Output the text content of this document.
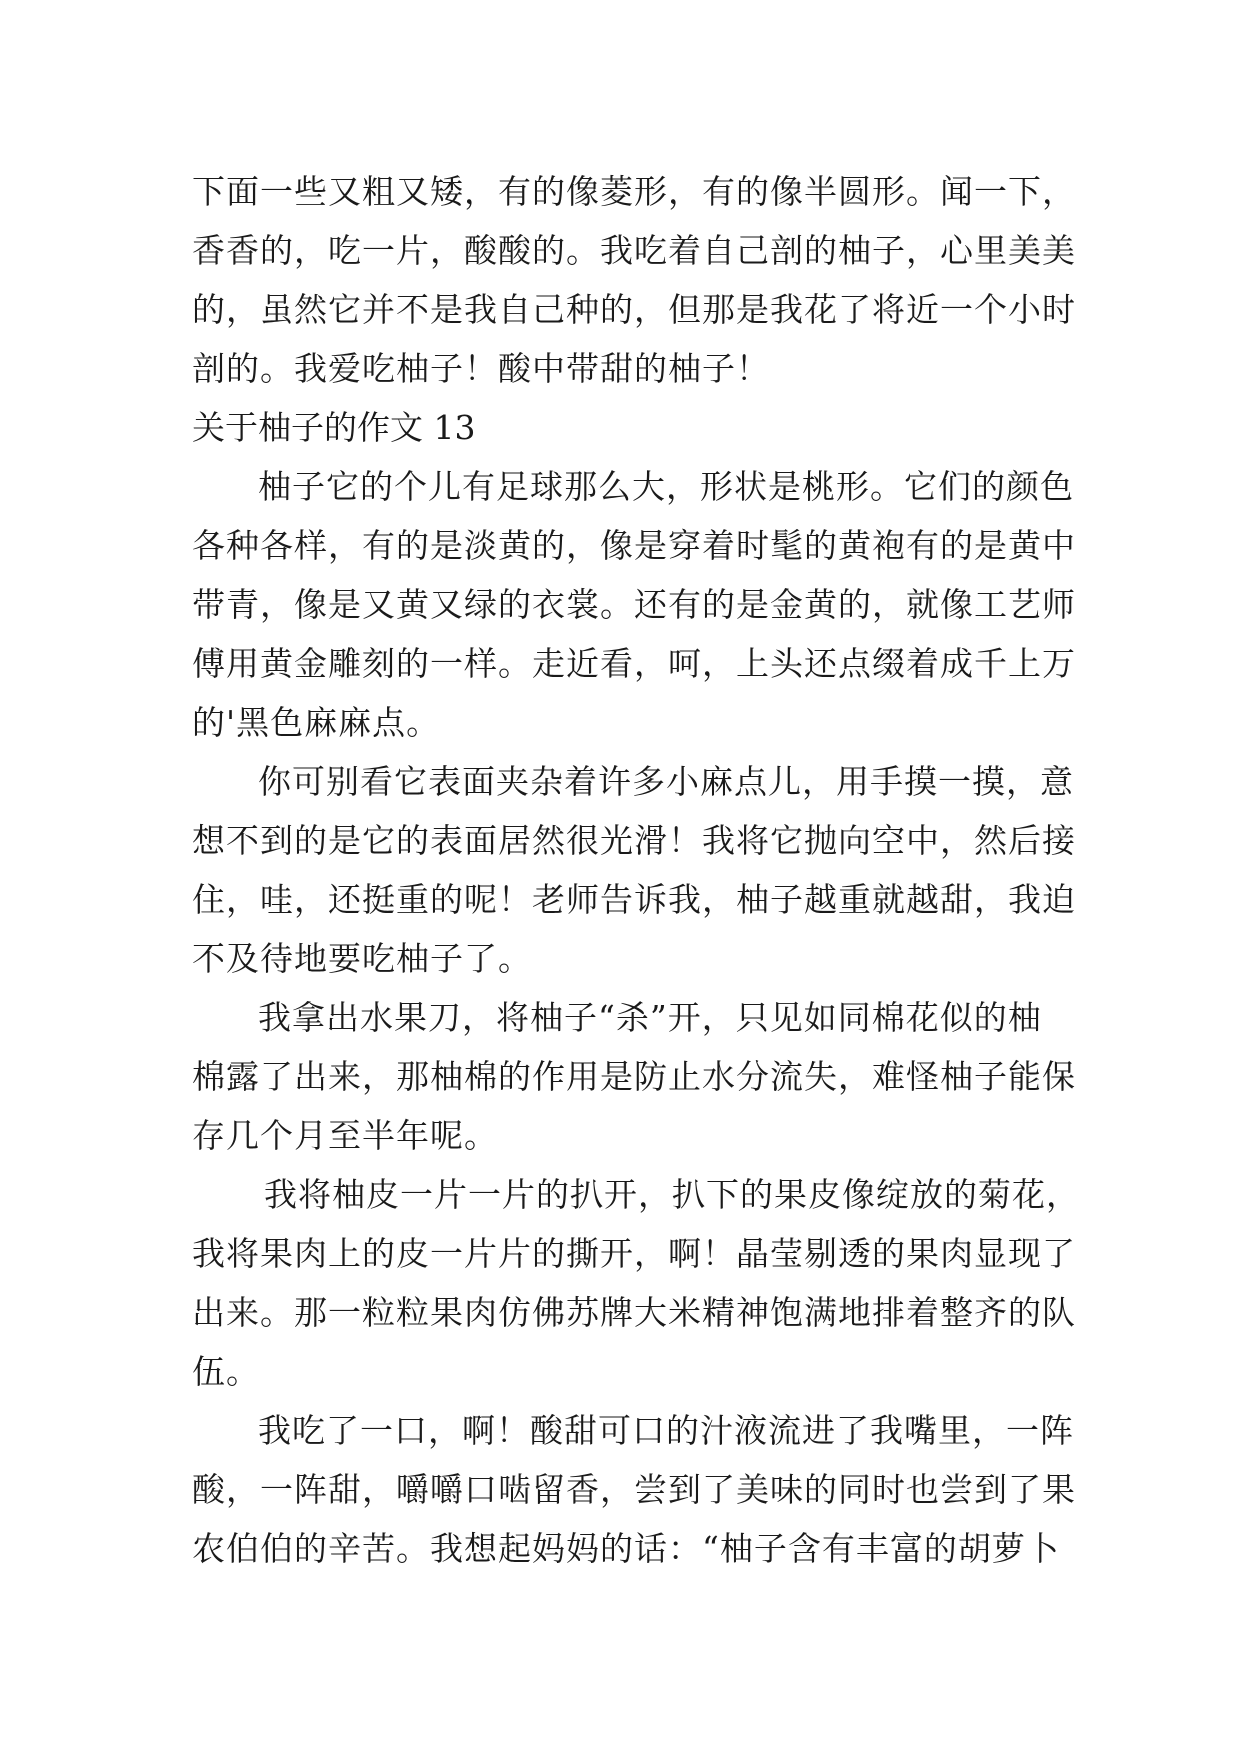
下面一些又粗又矮，有的像菱形，有的像半圆形。闻一下，
香香的，吃一片，酸酸的。我吃着自己剖的柚子，心里美美
的，虽然它并不是我自己种的，但那是我花了将近一个小时
剖的。我爱吃柚子！酸中带甜的柚子！
关于柚子的作文 13
柚子它的个儿有足球那么大，形状是桃形。它们的颜色
各种各样，有的是淡黄的，像是穿着时髦的黄袍有的是黄中
带青，像是又黄又绿的衣裳。还有的是金黄的，就像工艺师
傅用黄金雕刻的一样。走近看，呵，上头还点缀着成千上万
的'黑色麻麻点。
你可别看它表面夹杂着许多小麻点儿，用手摸一摸，意
想不到的是它的表面居然很光滑！我将它抛向空中，然后接
住，哇，还挺重的呢！老师告诉我，柚子越重就越甜，我迫
不及待地要吃柚子了。
我拿出水果刀，将柚子“杀”开，只见如同棉花似的柚
棉露了出来，那柚棉的作用是防止水分流失，难怪柚子能保
存几个月至半年呢。
我将柚皮一片一片的扒开，扒下的果皮像绽放的菊花，
我将果肉上的皮一片片的撕开，啊！晶莹剔透的果肉显现了
出来。那一粒粒果肉仿佛苏牌大米精神饱满地排着整齐的队
伍。
我吃了一口，啊！酸甜可口的汁液流进了我嘴里，一阵
酸，一阵甜，嚼嚼口啮留香，尝到了美味的同时也尝到了果
农伯伯的辛苦。我想起妈妈的话：“柚子含有丰富的胡萝卜
